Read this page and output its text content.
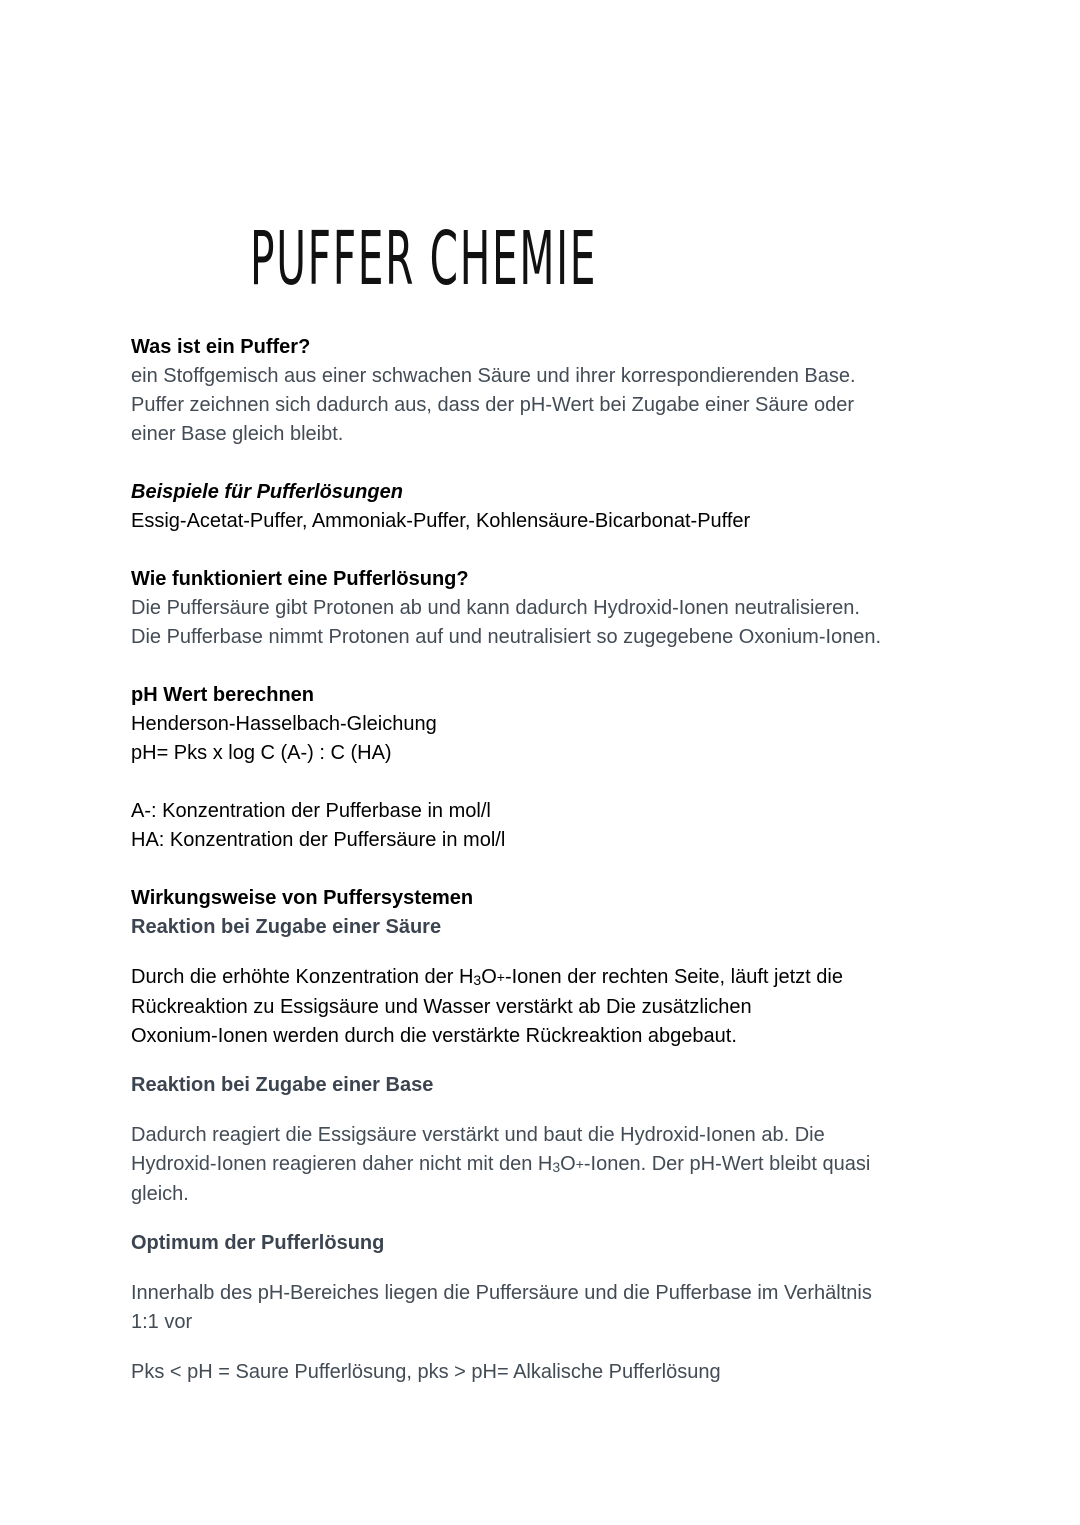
PUFFER CHEMIE
Was ist ein Puffer?
ein Stoffgemisch aus einer schwachen Säure und ihrer korrespondierenden Base.
Puffer zeichnen sich dadurch aus, dass der pH-Wert bei Zugabe einer Säure oder
einer Base gleich bleibt.
Beispiele für Pufferlösungen
Essig-Acetat-Puffer, Ammoniak-Puffer, Kohlensäure-Bicarbonat-Puffer
Wie funktioniert eine Pufferlösung?
Die Puffersäure gibt Protonen ab und kann dadurch Hydroxid-Ionen neutralisieren.
Die Pufferbase nimmt Protonen auf und neutralisiert so zugegebene Oxonium-Ionen.
pH Wert berechnen
Henderson-Hasselbach-Gleichung
pH= Pks x log C (A-) : C (HA)
A-: Konzentration der Pufferbase in mol/l
HA: Konzentration der Puffersäure in mol/l
Wirkungsweise von Puffersystemen
Reaktion bei Zugabe einer Säure
Durch die erhöhte Konzentration der $H_3O^+$-Ionen der rechten Seite, läuft jetzt die
Rückreaktion zu Essigsäure und Wasser verstärkt ab Die zusätzlichen
Oxonium-Ionen werden durch die verstärkte Rückreaktion abgebaut.
Reaktion bei Zugabe einer Base
Dadurch reagiert die Essigsäure verstärkt und baut die Hydroxid-Ionen ab. Die
Hydroxid-Ionen reagieren daher nicht mit den $H_3O^+$-Ionen. Der pH-Wert bleibt quasi
gleich.
Optimum der Pufferlösung
Innerhalb des pH-Bereiches liegen die Puffersäure und die Pufferbase im Verhältnis
1:1 vor
Pks < pH = Saure Pufferlösung, pks > pH= Alkalische Pufferlösung
